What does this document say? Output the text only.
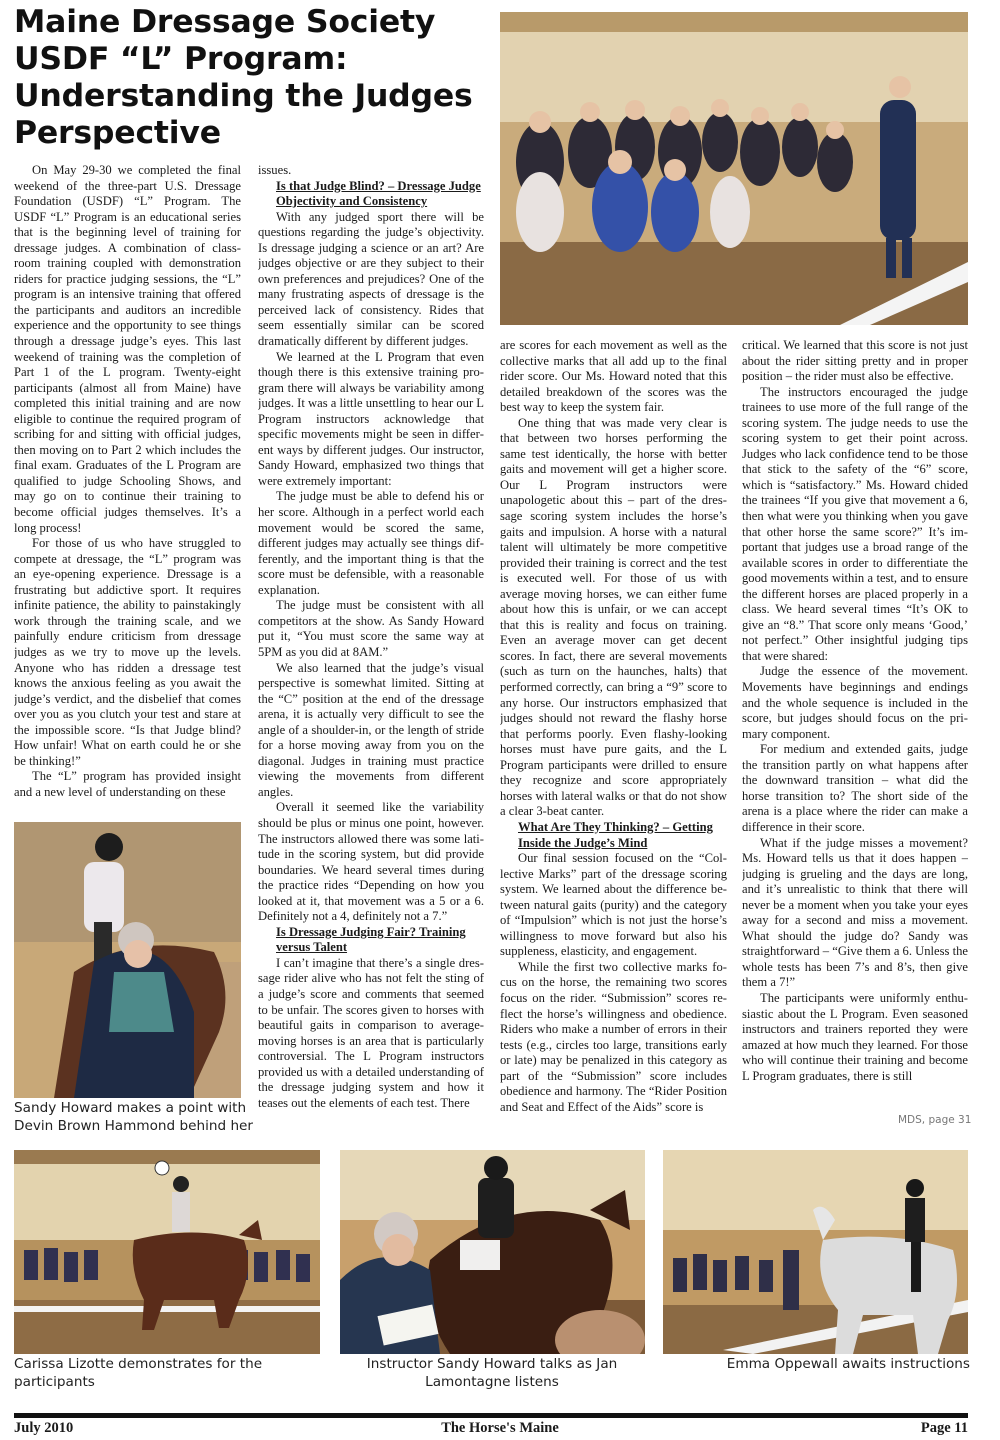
Maine Dressage Society USDF “L” Program: Understanding the Judges Perspective

On May 29-30 we completed the final weekend of the three-part U.S. Dressage Foundation (USDF) “L” Program. The USDF “L” Program is an educational series that is the beginning level of training for dressage judges. A combination of classroom training coupled with demonstration riders for practice judging sessions, the “L” program is an intensive training that offered the participants and auditors an incredible experience and the opportunity to see things through a dressage judge’s eyes. This last weekend of training was the completion of Part 1 of the L program. Twenty-eight participants (almost all from Maine) have completed this initial training and are now eligible to continue the required program of scribing for and sitting with official judges, then moving on to Part 2 which includes the final exam. Graduates of the L Program are qualified to judge Schooling Shows, and may go on to continue their training to become official judges themselves. It’s a long process!

For those of us who have struggled to compete at dressage, the “L” program was an eye-opening experience. Dressage is a frustrating but addictive sport. It requires infinite patience, the ability to painstakingly work through the training scale, and we painfully endure criticism from dressage judges as we try to move up the levels. Anyone who has ridden a dressage test knows the anxious feeling as you await the judge’s verdict, and the disbelief that comes over you as you clutch your test and stare at the impossible score. “Is that Judge blind? How unfair! What on earth could he or she be thinking!”

The “L” program has provided insight and a new level of understanding on these

issues.

Is that Judge Blind? – Dressage Judge Objectivity and Consistency

With any judged sport there will be questions regarding the judge’s objectivity. Is dressage judging a science or an art? Are judges objective or are they subject to their own preferences and prejudices? One of the many frustrating aspects of dressage is the perceived lack of consistency. Rides that seem essentially similar can be scored dramatically different by different judges.

We learned at the L Program that even though there is this extensive training program there will always be variability among judges. It was a little unsettling to hear our L Program instructors acknowledge that specific movements might be seen in different ways by different judges. Our instructor, Sandy Howard, emphasized two things that were extremely important:

The judge must be able to defend his or her score. Although in a perfect world each movement would be scored the same, different judges may actually see things differently, and the important thing is that the score must be defensible, with a reasonable explanation.

The judge must be consistent with all competitors at the show. As Sandy Howard put it, “You must score the same way at 5PM as you did at 8AM.”

We also learned that the judge’s visual perspective is somewhat limited. Sitting at the “C” position at the end of the dressage arena, it is actually very difficult to see the angle of a shoulder-in, or the length of stride for a horse moving away from you on the diagonal. Judges in training must practice viewing the movements from different angles.

Overall it seemed like the variability should be plus or minus one point, however. The instructors allowed there was some latitude in the scoring system, but did provide boundaries. We heard several times during the practice rides “Depending on how you looked at it, that movement was a 5 or a 6. Definitely not a 4, definitely not a 7.”

Is Dressage Judging Fair? Training versus Talent

I can’t imagine that there’s a single dressage rider alive who has not felt the sting of a judge’s score and comments that seemed to be unfair. The scores given to horses with beautiful gaits in comparison to average-moving horses is an area that is particularly controversial. The L Program instructors provided us with a detailed understanding of the dressage judging system and how it teases out the elements of each test. There

are scores for each movement as well as the collective marks that all add up to the final rider score. Our Ms. Howard noted that this detailed breakdown of the scores was the best way to keep the system fair.

One thing that was made very clear is that between two horses performing the same test identically, the horse with better gaits and movement will get a higher score. Our L Program instructors were unapologetic about this – part of the dressage scoring system includes the horse’s gaits and impulsion. A horse with a natural talent will ultimately be more competitive provided their training is correct and the test is executed well. For those of us with average moving horses, we can either fume about how this is unfair, or we can accept that this is reality and focus on training. Even an average mover can get decent scores. In fact, there are several movements (such as turn on the haunches, halts) that performed correctly, can bring a “9” score to any horse. Our instructors emphasized that judges should not reward the flashy horse that performs poorly. Even flashy-looking horses must have pure gaits, and the L Program participants were drilled to ensure they recognize and score appropriately horses with lateral walks or that do not show a clear 3-beat canter.

What Are They Thinking? – Getting Inside the Judge’s Mind

Our final session focused on the “Collective Marks” part of the dressage scoring system. We learned about the difference between natural gaits (purity) and the category of “Impulsion” which is not just the horse’s willingness to move forward but also his suppleness, elasticity, and engagement.

While the first two collective marks focus on the horse, the remaining two scores focus on the rider. “Submission” scores reflect the horse’s willingness and obedience. Riders who make a number of errors in their tests (e.g., circles too large, transitions early or late) may be penalized in this category as part of the “Submission” score includes obedience and harmony. The “Rider Position and Seat and Effect of the Aids” score is

critical. We learned that this score is not just about the rider sitting pretty and in proper position – the rider must also be effective.

The instructors encouraged the judge trainees to use more of the full range of the scoring system. The judge needs to use the scoring system to get their point across. Judges who lack confidence tend to be those that stick to the safety of the “6” score, which is “satisfactory.” Ms. Howard chided the trainees “If you give that movement a 6, then what were you thinking when you gave that other horse the same score?” It’s important that judges use a broad range of the available scores in order to differentiate the good movements within a test, and to ensure the different horses are placed properly in a class. We heard several times “It’s OK to give an “8.” That score only means ‘Good,’ not perfect.” Other insightful judging tips that were shared:

Judge the essence of the movement. Movements have beginnings and endings and the whole sequence is included in the score, but judges should focus on the primary component.

For medium and extended gaits, judge the transition partly on what happens after the downward transition – what did the horse transition to? The short side of the arena is a place where the rider can make a difference in their score.

What if the judge misses a movement? Ms. Howard tells us that it does happen – judging is grueling and the days are long, and it’s unrealistic to think that there will never be a moment when you take your eyes away for a second and miss a movement. What should the judge do? Sandy was straightforward – “Give them a 6. Unless the whole tests has been 7’s and 8’s, then give them a 7!”

The participants were uniformly enthusiastic about the L Program. Even seasoned instructors and trainers reported they were amazed at how much they learned. For those who will continue their training and become L Program graduates, there is still

MDS, page 31
Sandy Howard makes a point with Devin Brown Hammond behind her
Carissa Lizotte demonstrates for the participants
Instructor Sandy Howard talks as Jan Lamontagne listens
Emma Oppewall awaits instructions
July 2010	The Horse's Maine	Page 11
